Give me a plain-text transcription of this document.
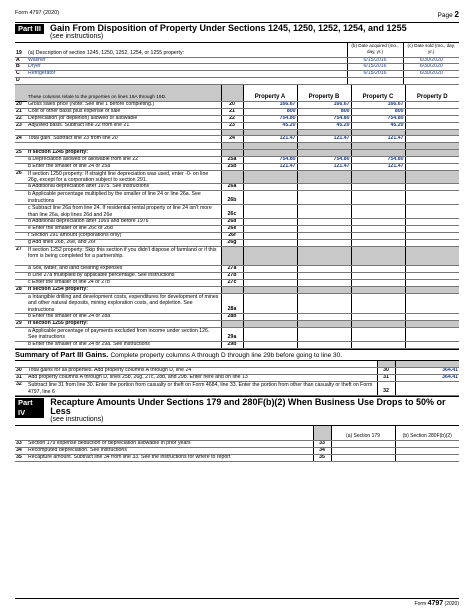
Form 4797 (2020)	Page 2
Part III	Gain From Disposition of Property Under Sections 1245, 1250, 1252, 1254, and 1255
(see instructions)
19	(a) Description of section 1245, 1250, 1252, 1254, or 1255 property:	(b) Date acquired (mo., day, yr.)	(c) Date sold (mo., day, yr.)
A	Washer	6/15/2016	6/30/2020
B	Dryer	6/15/2016	6/30/2020
C	Refrigerator	6/15/2016	6/30/2020
D			
	These columns relate to the properties on lines 19A through 19D.		Property A	Property B	Property C	Property D
20	Gross sales price (Note: See line 1 before completing.)	20	166.67	166.67	166.67	
21	Cost or other basis plus expense of sale	21	800	800	800	
22	Depreciation (or depletion) allowed or allowable	22	754.80	754.80	754.80	
23	Adjusted basis. Subtract line 22 from line 21	23	45.20	45.20	45.20	

24	Total gain. Subtract line 23 from line 20	24	121.47	121.47	121.47	

25	If section 1245 property:					
	a Depreciation allowed or allowable from line 22	25a	754.80	754.80	754.80	
	b Enter the smaller of line 24 or 25a	25b	121.47	121.47	121.47	
26	If section 1250 property: If straight line depreciation was used, enter -0- on line 26g, except for a corporation subject to section 291.					
	a Additional depreciation after 1975. See instructions	26a				
	b Applicable percentage multiplied by the smaller of line 24 or line 26a. See instructions	26b				
	c Subtract line 26a from line 24. If residential rental property or line 24 isn't more than line 26a, skip lines 26d and 26e	26c				
	d Additional depreciation after 1969 and before 1976	26d				
	e Enter the smaller of line 26c or 26d	26e				
	f Section 291 amount (corporations only)	26f				
	g Add lines 26b, 26e, and 26f	26g				
27	If section 1252 property: Skip this section if you didn't dispose of farmland or if this form is being completed for a partnership.					
	a Soil, water, and land clearing expenses	27a				
	b Line 27a multiplied by applicable percentage. See instructions	27b				
	c Enter the smaller of line 24 or 27b	27c				
28	If section 1254 property:					
	a Intangible drilling and development costs, expenditures for development of mines and other natural deposits, mining exploration costs, and depletion. See instructions	28a				
	b Enter the smaller of line 24 or 28a	28b				
29	If section 1255 property:					
	a Applicable percentage of payments excluded from income under section 126. See instructions	29a				
	b Enter the smaller of line 24 or 29a. See instructions	29b				
Summary of Part III Gains. Complete property columns A through D through line 29b before going to line 30.

30	Total gains for all properties. Add property columns A through D, line 24	30	364.41
31	Add property columns A through D, lines 25b, 26g, 27c, 28b, and 29b. Enter here and on line 13	31	364.41
32	Subtract line 31 from line 30. Enter the portion from casualty or theft on Form 4684, line 33. Enter the portion from other than casualty or theft on Form 4797, line 6	32	
Part IV
Recapture Amounts Under Sections 179 and 280F(b)(2) When Business Use Drops to 50% or Less
(see instructions)
			(a) Section 179	(b) Section 280F(b)(2)
33	Section 179 expense deduction or depreciation allowable in prior years	33		
34	Recomputed depreciation. See instructions	34		
35	Recapture amount. Subtract line 34 from line 33. See the instructions for where to report	35		
Form 4797 (2020)
